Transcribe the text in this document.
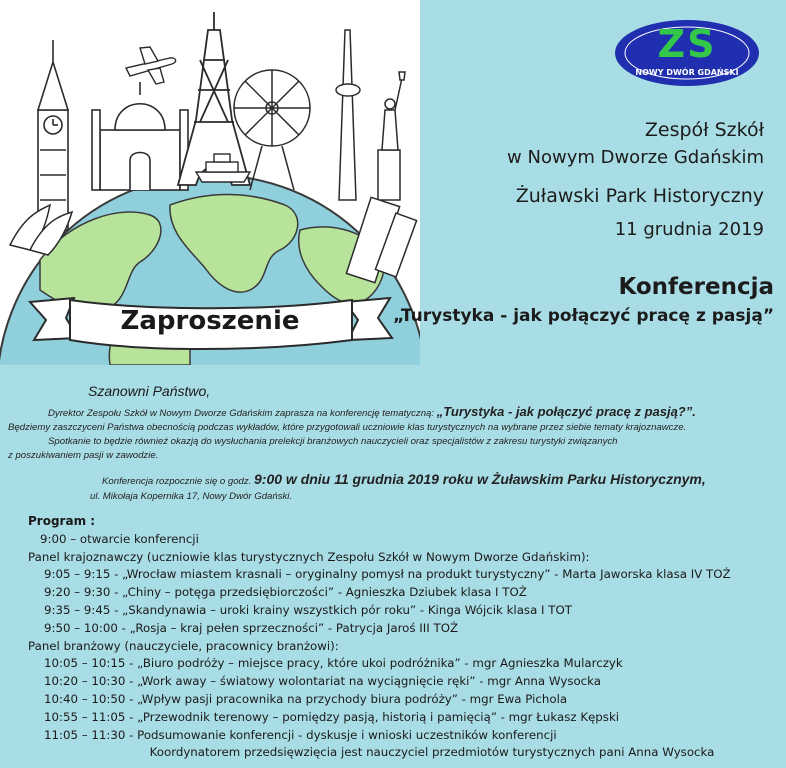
Zaproszenie
ZS
NOWY DWÓR GDAŃSKI
Zespół Szkół
w Nowym Dworze Gdańskim
Żuławski Park Historyczny
11 grudnia 2019
Konferencja
„Turystyka - jak połączyć pracę z pasją”
Szanowni Państwo,
Dyrektor Zespołu Szkół w Nowym Dworze Gdańskim zaprasza na konferencję tematyczną: „Turystyka - jak połączyć pracę z pasją?”.
Będziemy zaszczyceni Państwa obecnością podczas wykładów, które przygotowali uczniowie klas turystycznych na wybrane przez siebie tematy krajoznawcze.
Spotkanie to będzie również okazją do wysłuchania prelekcji branżowych nauczycieli oraz specjalistów z zakresu turystyki związanych
z poszukiwaniem pasji w zawodzie.
Konferencja rozpocznie się o godz. 9:00 w dniu 11 grudnia 2019 roku w Żuławskim Parku Historycznym,
ul. Mikołaja Kopernika 17, Nowy Dwór Gdański.
Program :
9:00 – otwarcie konferencji
Panel krajoznawczy (uczniowie klas turystycznych Zespołu Szkół w Nowym Dworze Gdańskim):
9:05 – 9:15 - „Wrocław miastem krasnali – oryginalny pomysł na produkt turystyczny” - Marta Jaworska klasa IV TOŻ
9:20 – 9:30 - „Chiny – potęga przedsiębiorczości” - Agnieszka Dziubek klasa I TOŻ
9:35 – 9:45 - „Skandynawia – uroki krainy wszystkich pór roku” - Kinga Wójcik klasa I TOT
9:50 – 10:00 - „Rosja – kraj pełen sprzeczności” - Patrycja Jaroś III TOŻ
Panel branżowy (nauczyciele, pracownicy branżowi):
10:05 – 10:15 - „Biuro podróży – miejsce pracy, które ukoi podróżnika” - mgr Agnieszka Mularczyk
10:20 – 10:30 - „Work away – światowy wolontariat na wyciągnięcie ręki” - mgr Anna Wysocka
10:40 – 10:50 - „Wpływ pasji pracownika na przychody biura podróży” - mgr Ewa Pichola
10:55 – 11:05 - „Przewodnik terenowy – pomiędzy pasją, historią i pamięcią” - mgr Łukasz Kępski
11:05 – 11:30 - Podsumowanie konferencji - dyskusje i wnioski uczestników konferencji
Koordynatorem przedsięwzięcia jest nauczyciel przedmiotów turystycznych pani Anna Wysocka
